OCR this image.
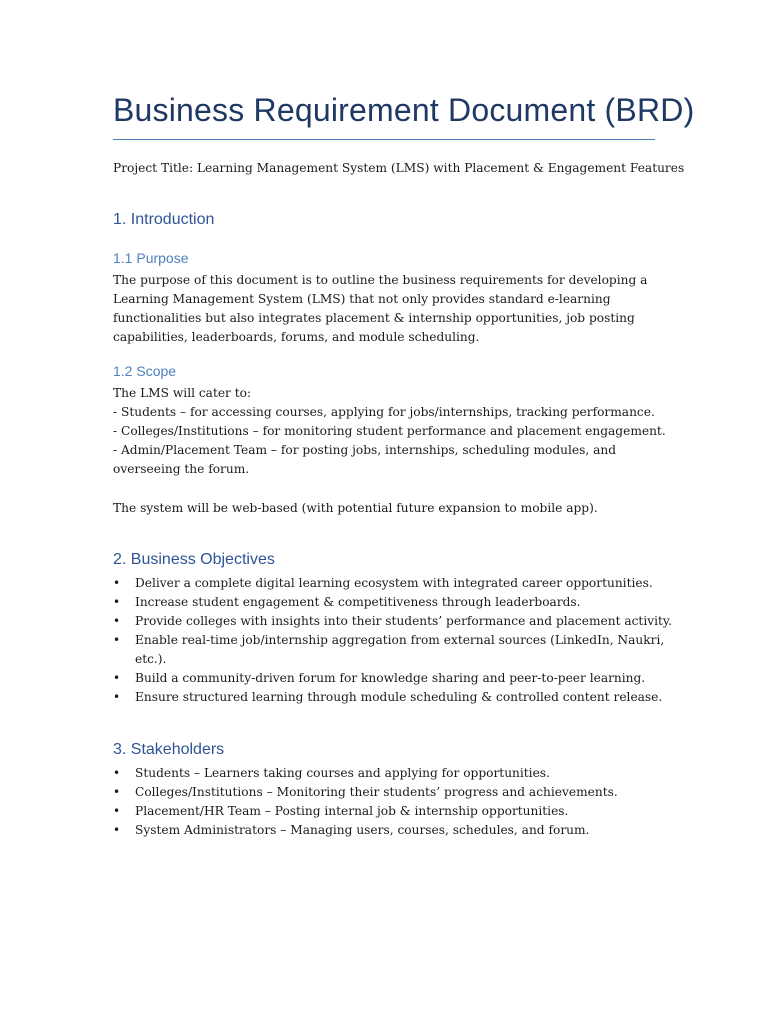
Business Requirement Document (BRD)
Project Title: Learning Management System (LMS) with Placement & Engagement Features
1. Introduction
1.1 Purpose
The purpose of this document is to outline the business requirements for developing a
Learning Management System (LMS) that not only provides standard e-learning
functionalities but also integrates placement & internship opportunities, job posting
capabilities, leaderboards, forums, and module scheduling.
1.2 Scope
The LMS will cater to:
- Students – for accessing courses, applying for jobs/internships, tracking performance.
- Colleges/Institutions – for monitoring student performance and placement engagement.
- Admin/Placement Team – for posting jobs, internships, scheduling modules, and
overseeing the forum.
The system will be web-based (with potential future expansion to mobile app).
2. Business Objectives
• Deliver a complete digital learning ecosystem with integrated career opportunities.
• Increase student engagement & competitiveness through leaderboards.
• Provide colleges with insights into their students’ performance and placement activity.
• Enable real-time job/internship aggregation from external sources (LinkedIn, Naukri,
etc.).
• Build a community-driven forum for knowledge sharing and peer-to-peer learning.
• Ensure structured learning through module scheduling & controlled content release.
3. Stakeholders
• Students – Learners taking courses and applying for opportunities.
• Colleges/Institutions – Monitoring their students’ progress and achievements.
• Placement/HR Team – Posting internal job & internship opportunities.
• System Administrators – Managing users, courses, schedules, and forum.
